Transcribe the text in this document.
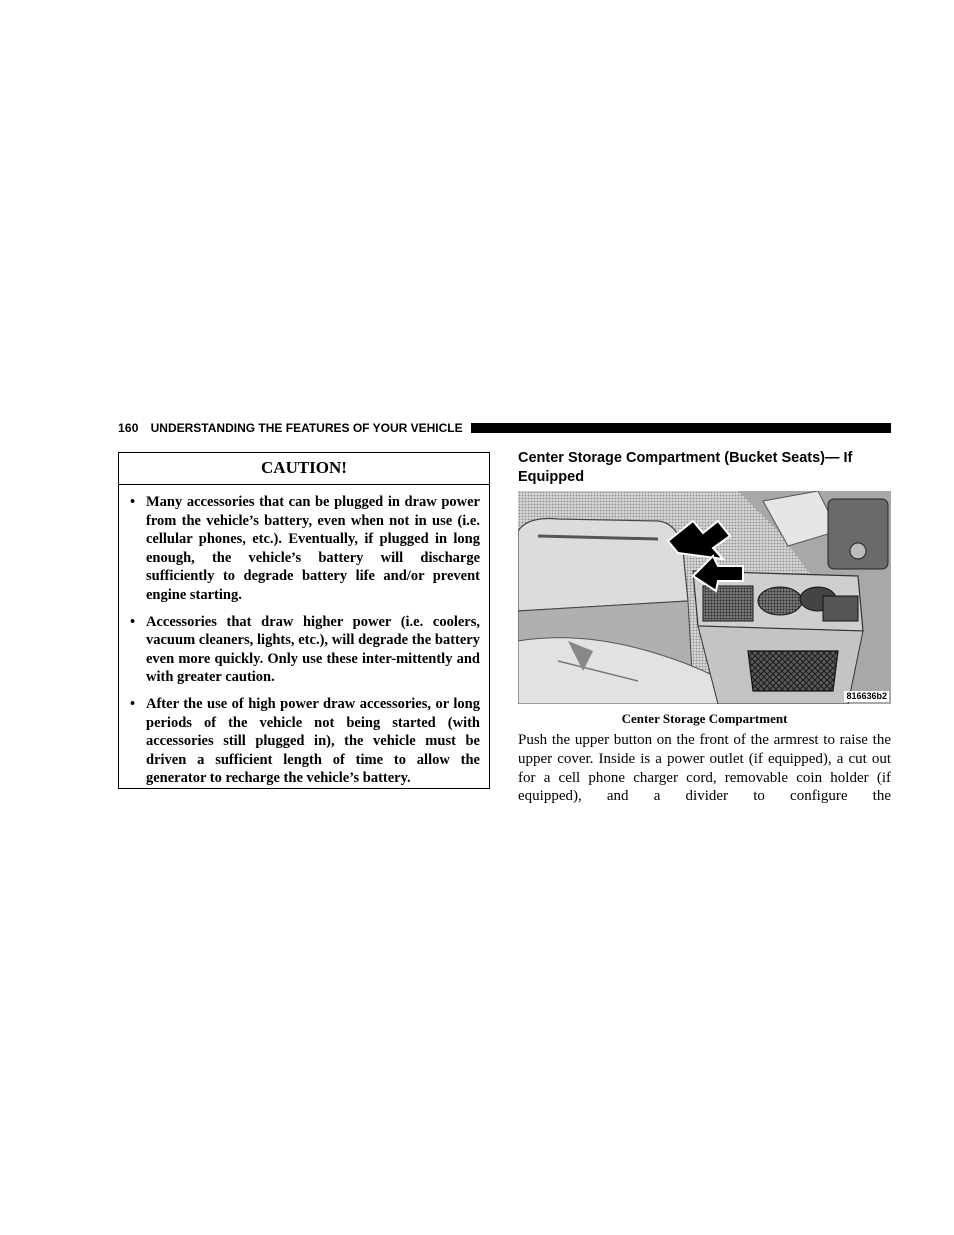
160 UNDERSTANDING THE FEATURES OF YOUR VEHICLE
CAUTION!
• Many accessories that can be plugged in draw power from the vehicle’s battery, even when not in use (i.e. cellular phones, etc.). Eventually, if plugged in long enough, the vehicle’s battery will discharge sufficiently to degrade battery life and/or prevent engine starting.
• Accessories that draw higher power (i.e. coolers, vacuum cleaners, lights, etc.), will degrade the battery even more quickly. Only use these inter-mittently and with greater caution.
• After the use of high power draw accessories, or long periods of the vehicle not being started (with accessories still plugged in), the vehicle must be driven a sufficient length of time to allow the generator to recharge the vehicle’s battery.
Center Storage Compartment (Bucket Seats)— If Equipped
816636b2
Center Storage Compartment

Push the upper button on the front of the armrest to raise the upper cover. Inside is a power outlet (if equipped), a cut out for a cell phone charger cord, removable coin holder (if equipped), and a divider to configure the
